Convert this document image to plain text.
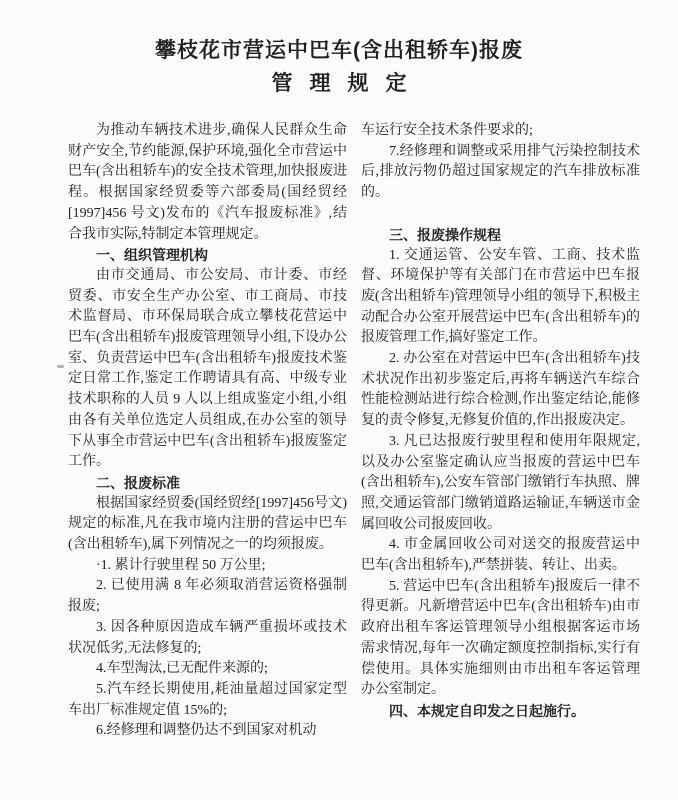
攀枝花市营运中巴车(含出租轿车)报废
管理规定

为推动车辆技术进步,确保人民群众生命财产安全,节约能源,保护环境,强化全市营运中巴车(含出租轿车)的安全技术管理,加快报废进程。根据国家经贸委等六部委局(国经贸经[1997]456 号文)发布的《汽车报废标准》,结合我市实际,特制定本管理规定。

一、组织管理机构

由市交通局、市公安局、市计委、市经贸委、市安全生产办公室、市工商局、市技术监督局、市环保局联合成立攀枝花营运中巴车(含出租轿车)报废管理领导小组,下设办公室、负责营运中巴车(含出租轿车)报废技术鉴定日常工作,鉴定工作聘请具有高、中级专业技术职称的人员 9 人以上组成鉴定小组,小组由各有关单位选定人员组成,在办公室的领导下从事全市营运中巴车(含出租轿车)报废鉴定工作。

二、报废标准

根据国家经贸委(国经贸经[1997]456号文)规定的标准,凡在我市境内注册的营运中巴车(含出租轿车),属下列情况之一的均须报废。

·1. 累计行驶里程 50 万公里;

2. 已使用满 8 年必须取消营运资格强制报废;

3. 因各种原因造成车辆严重损坏或技术状况低劣,无法修复的;

4.车型淘汰,已无配件来源的;

5.汽车经长期使用,耗油量超过国家定型车出厂标准规定值 15%的;

6.经修理和调整仍达不到国家对机动

车运行安全技术条件要求的;

7.经修理和调整或采用排气污染控制技术后,排放污物仍超过国家规定的汽车排放标准的。

三、报废操作规程

1. 交通运管、公安车管、工商、技术监督、环境保护等有关部门在市营运中巴车报废(含出租轿车)管理领导小组的领导下,积极主动配合办公室开展营运中巴车(含出租轿车)的报废管理工作,搞好鉴定工作。

2. 办公室在对营运中巴车(含出租轿车)技术状况作出初步鉴定后,再将车辆送汽车综合性能检测站进行综合检测,作出鉴定结论,能修复的责令修复,无修复价值的,作出报废决定。

3. 凡已达报废行驶里程和使用年限规定,以及办公室鉴定确认应当报废的营运中巴车(含出租轿车),公安车管部门缴销行车执照、牌照,交通运管部门缴销道路运输证,车辆送市金属回收公司报废回收。

4. 市金属回收公司对送交的报废营运中巴车(含出租轿车),严禁拼装、转让、出卖。

5. 营运中巴车(含出租轿车)报废后一律不得更新。凡新增营运中巴车(含出租轿车)由市政府出租车客运管理领导小组根据客运市场需求情况,每年一次确定额度控制指标,实行有偿使用。具体实施细则由市出租车客运管理办公室制定。

四、本规定自印发之日起施行。
